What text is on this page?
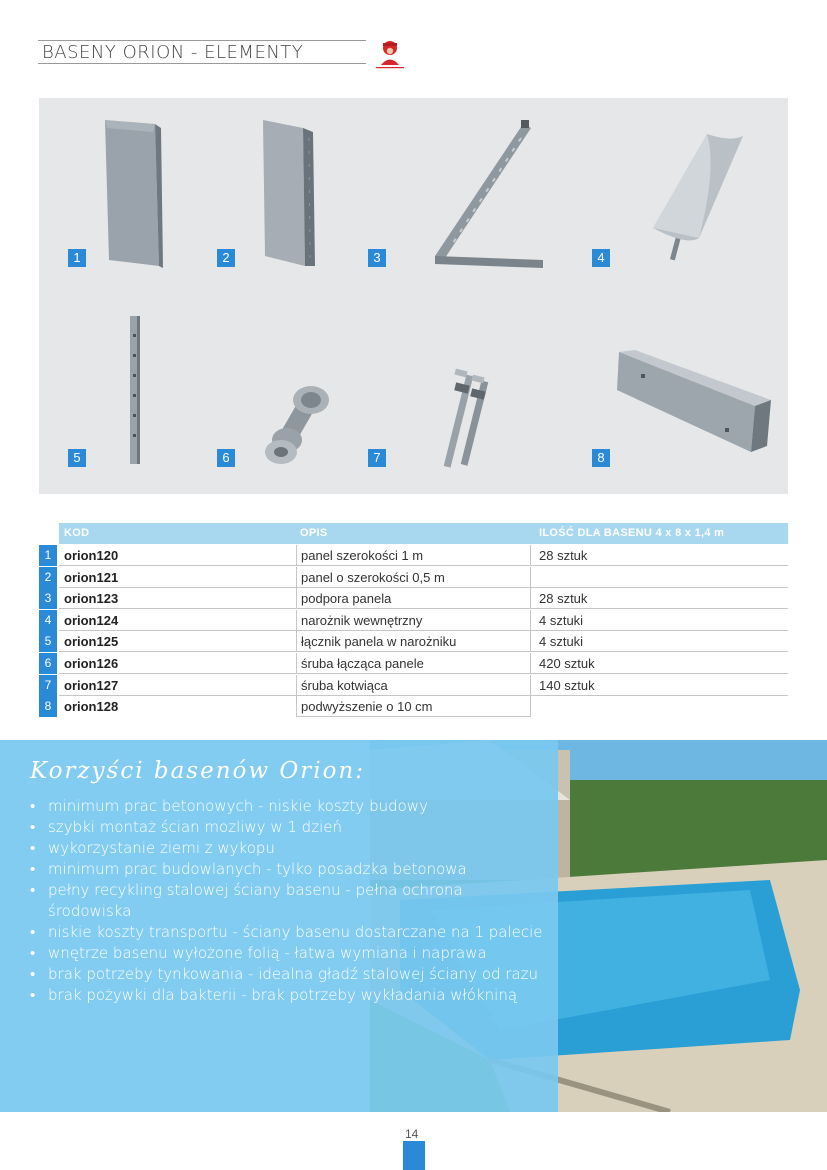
BASENY ORION - ELEMENTY
1	2	3	4
5	6	7	8
KOD	OPIS	ILOŚĆ DLA BASENU 4 x 8 x 1,4 m
1 orion120	panel szerokości 1 m	28 sztuk
2 orion121	panel o szerokości 0,5 m
3 orion123	podpora panela	28 sztuk
4 orion124	narożnik wewnętrzny	4 sztuki
5 orion125	łącznik panela w narożniku	4 sztuki
6 orion126	śruba łącząca panele	420 sztuk
7 orion127	śruba kotwiąca	140 sztuk
8 orion128	podwyższenie o 10 cm
Korzyści basenów Orion:
• minimum prac betonowych - niskie koszty budowy
• szybki montaż ścian mozliwy w 1 dzień
• wykorzystanie ziemi z wykopu
• minimum prac budowlanych - tylko posadzka betonowa
• pełny recykling stalowej ściany basenu - pełna ochrona środowiska
• niskie koszty transportu - ściany basenu dostarczane na 1 palecie
• wnętrze basenu wyłożone folią - łatwa wymiana i naprawa
• brak potrzeby tynkowania - idealna gładź stalowej ściany od razu
• brak pożywki dla bakterii - brak potrzeby wykładania włókniną
14
